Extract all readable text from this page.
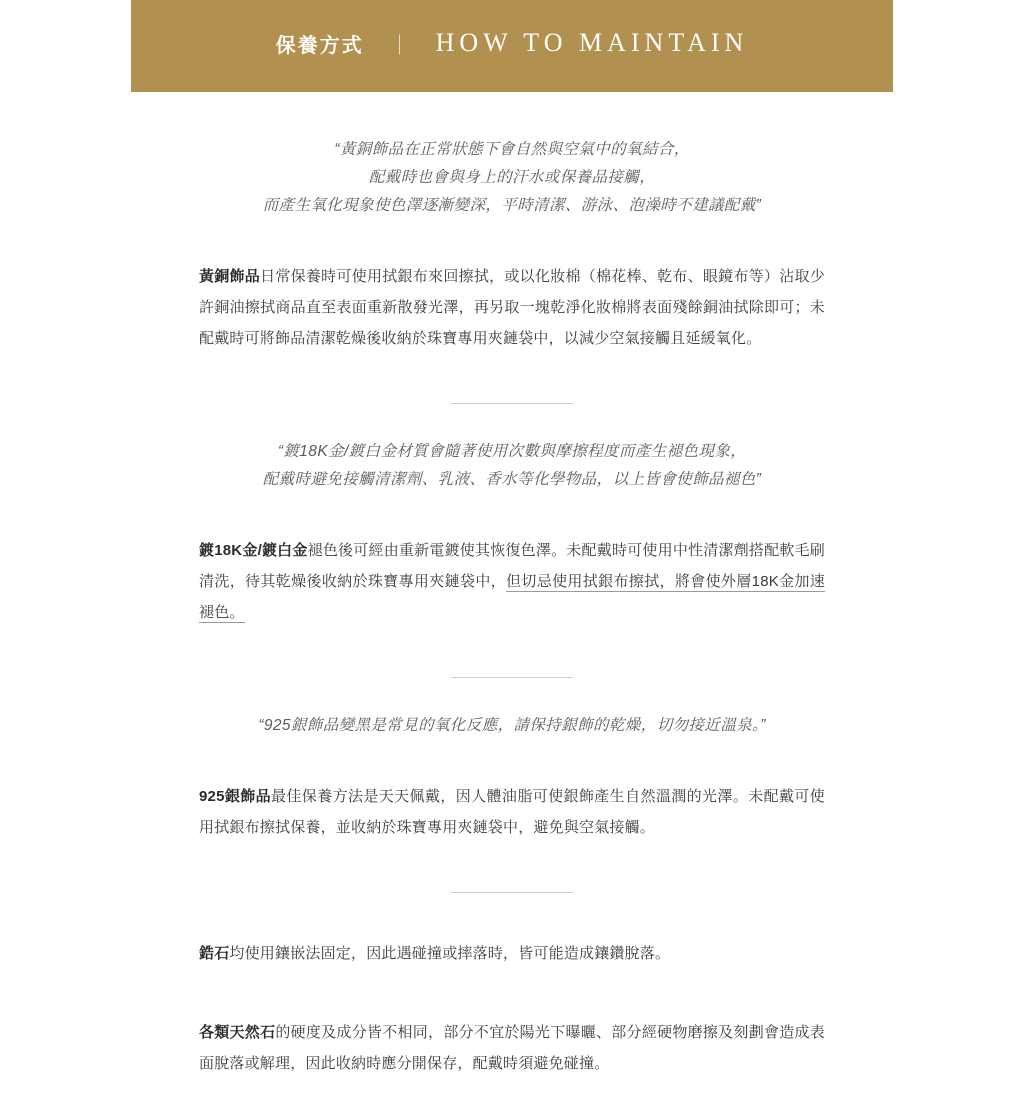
保養方式 ｜ HOW TO MAINTAIN
“黃銅飾品在正常狀態下會自然與空氣中的氧結合，
配戴時也會與身上的汗水或保養品接觸，
而產生氧化現象使色澤逐漸變深，平時清潔、游泳、泡澡時不建議配戴”

黃銅飾品日常保養時可使用拭銀布來回擦拭，或以化妝棉（棉花棒、乾布、眼鏡布等）沾取少許銅油擦拭商品直至表面重新散發光澤，再另取一塊乾淨化妝棉將表面殘餘銅油拭除即可；未配戴時可將飾品清潔乾燥後收納於珠寶專用夾鏈袋中，以減少空氣接觸且延緩氧化。

“鍍18K金/鍍白金材質會隨著使用次數與摩擦程度而產生褪色現象，
配戴時避免接觸清潔劑、乳液、香水等化學物品，以上皆會使飾品褪色”

鍍18K金/鍍白金褪色後可經由重新電鍍使其恢復色澤。未配戴時可使用中性清潔劑搭配軟毛刷清洗，待其乾燥後收納於珠寶專用夾鏈袋中，但切忌使用拭銀布擦拭，將會使外層18K金加速褪色。

“925銀飾品變黑是常見的氧化反應，請保持銀飾的乾燥，切勿接近溫泉。”

925銀飾品最佳保養方法是天天佩戴，因人體油脂可使銀飾產生自然溫潤的光澤。未配戴可使用拭銀布擦拭保養，並收納於珠寶專用夾鏈袋中，避免與空氣接觸。

鋯石均使用鑲嵌法固定，因此遇碰撞或摔落時，皆可能造成鑲鑽脫落。

各類天然石的硬度及成分皆不相同，部分不宜於陽光下曝曬、部分經硬物磨擦及刻劃會造成表面脫落或解理，因此收納時應分開保存，配戴時須避免碰撞。
